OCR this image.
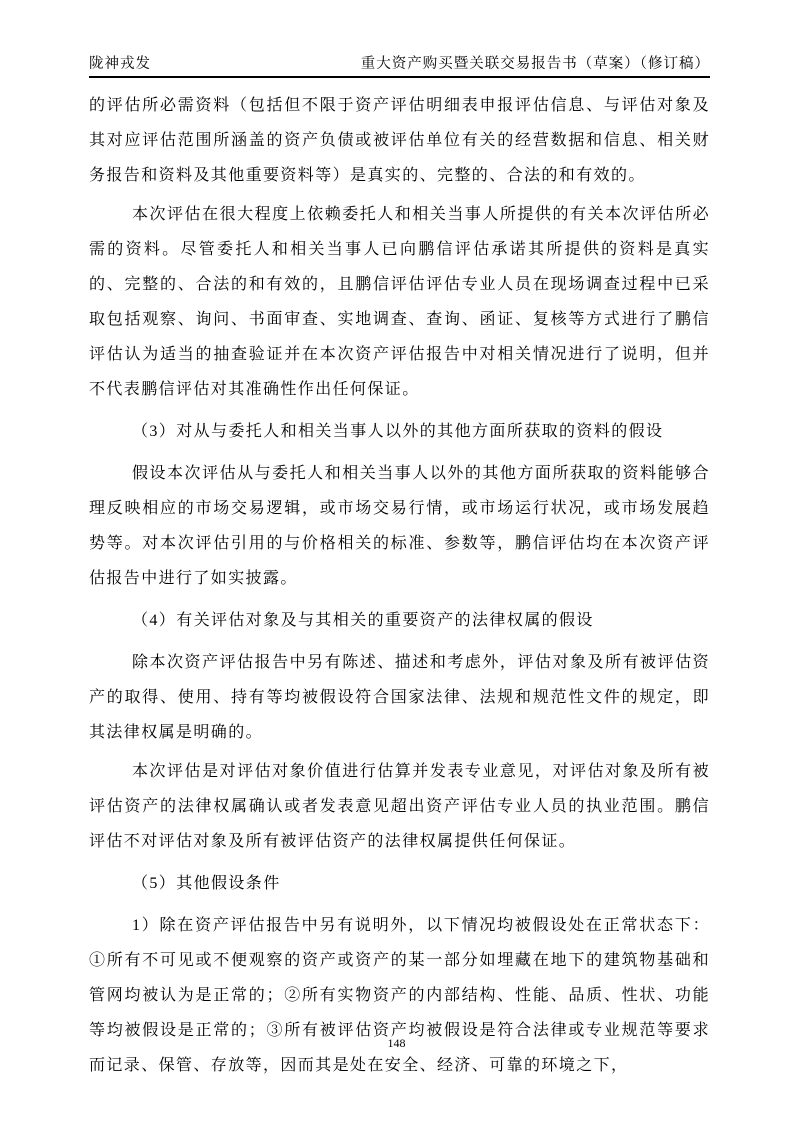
陇神戎发	重大资产购买暨关联交易报告书（草案）（修订稿）

的评估所必需资料（包括但不限于资产评估明细表申报评估信息、与评估对象及其对应评估范围所涵盖的资产负债或被评估单位有关的经营数据和信息、相关财务报告和资料及其他重要资料等）是真实的、完整的、合法的和有效的。

本次评估在很大程度上依赖委托人和相关当事人所提供的有关本次评估所必需的资料。尽管委托人和相关当事人已向鹏信评估承诺其所提供的资料是真实的、完整的、合法的和有效的，且鹏信评估评估专业人员在现场调查过程中已采取包括观察、询问、书面审查、实地调查、查询、函证、复核等方式进行了鹏信评估认为适当的抽查验证并在本次资产评估报告中对相关情况进行了说明，但并不代表鹏信评估对其准确性作出任何保证。

（3）对从与委托人和相关当事人以外的其他方面所获取的资料的假设

假设本次评估从与委托人和相关当事人以外的其他方面所获取的资料能够合理反映相应的市场交易逻辑，或市场交易行情，或市场运行状况，或市场发展趋势等。对本次评估引用的与价格相关的标准、参数等，鹏信评估均在本次资产评估报告中进行了如实披露。

（4）有关评估对象及与其相关的重要资产的法律权属的假设

除本次资产评估报告中另有陈述、描述和考虑外，评估对象及所有被评估资产的取得、使用、持有等均被假设符合国家法律、法规和规范性文件的规定，即其法律权属是明确的。

本次评估是对评估对象价值进行估算并发表专业意见，对评估对象及所有被评估资产的法律权属确认或者发表意见超出资产评估专业人员的执业范围。鹏信评估不对评估对象及所有被评估资产的法律权属提供任何保证。

（5）其他假设条件

1）除在资产评估报告中另有说明外，以下情况均被假设处在正常状态下：①所有不可见或不便观察的资产或资产的某一部分如埋藏在地下的建筑物基础和管网均被认为是正常的；②所有实物资产的内部结构、性能、品质、性状、功能等均被假设是正常的；③所有被评估资产均被假设是符合法律或专业规范等要求而记录、保管、存放等，因而其是处在安全、经济、可靠的环境之下，

148
